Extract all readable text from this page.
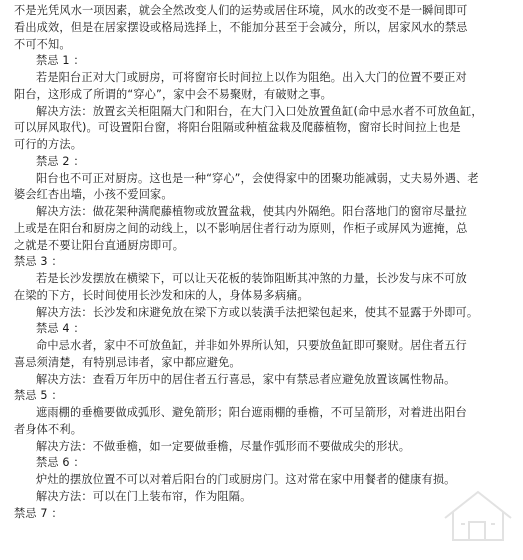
不是光凭风水一项因素，就会全然改变人们的运势或居住环境，风水的改变不是一瞬间即可
看出成效，但是在居家摆设或格局选择上，不能加分甚至于会减分，所以，居家风水的禁忌
不可不知。
禁忌 1 ：
若是阳台正对大门或厨房，可将窗帘长时间拉上以作为阻绝。出入大门的位置不要正对
阳台，这形成了所谓的“穿心”，家中会不易聚财，有破财之事。
解决方法：放置玄关柜阻隔大门和阳台，在大门入口处放置鱼缸(命中忌水者不可放鱼缸，
可以屏风取代)。可设置阳台窗，将阳台阻隔或种植盆栽及爬藤植物，窗帘长时间拉上也是
可行的方法。
禁忌 2 ：
阳台也不可正对厨房。这也是一种“穿心”，会使得家中的团聚功能减弱，丈夫易外遇、老
婆会红杏出墙，小孩不爱回家。
解决方法：做花架种满爬藤植物或放置盆栽，使其内外隔绝。阳台落地门的窗帘尽量拉
上或是在阳台和厨房之间的动线上，以不影响居住者行动为原则，作柜子或屏风为遮掩，总
之就是不要让阳台直通厨房即可。
禁忌 3 ：
若是长沙发摆放在横梁下，可以让天花板的装饰阻断其冲煞的力量，长沙发与床不可放
在梁的下方，长时间使用长沙发和床的人，身体易多病痛。
解决方法：长沙发和床避免放在梁下方或以装潢手法把梁包起来，使其不显露于外即可。
禁忌 4 ：
命中忌水者，家中不可放鱼缸，并非如外界所认知，只要放鱼缸即可聚财。居住者五行
喜忌须清楚，有特别忌讳者，家中都应避免。
解决方法：查看万年历中的居住者五行喜忌，家中有禁忌者应避免放置该属性物品。
禁忌 5 ：
遮雨棚的垂檐要做成弧形、避免箭形；阳台遮雨棚的垂檐，不可呈箭形，对着进出阳台
者身体不利。
解决方法：不做垂檐，如一定要做垂檐，尽量作弧形而不要做成尖的形状。
禁忌 6 ：
炉灶的摆放位置不可以对着后阳台的门或厨房门。这对常在家中用餐者的健康有损。
解决方法：可以在门上装布帘，作为阻隔。
禁忌 7 ：
